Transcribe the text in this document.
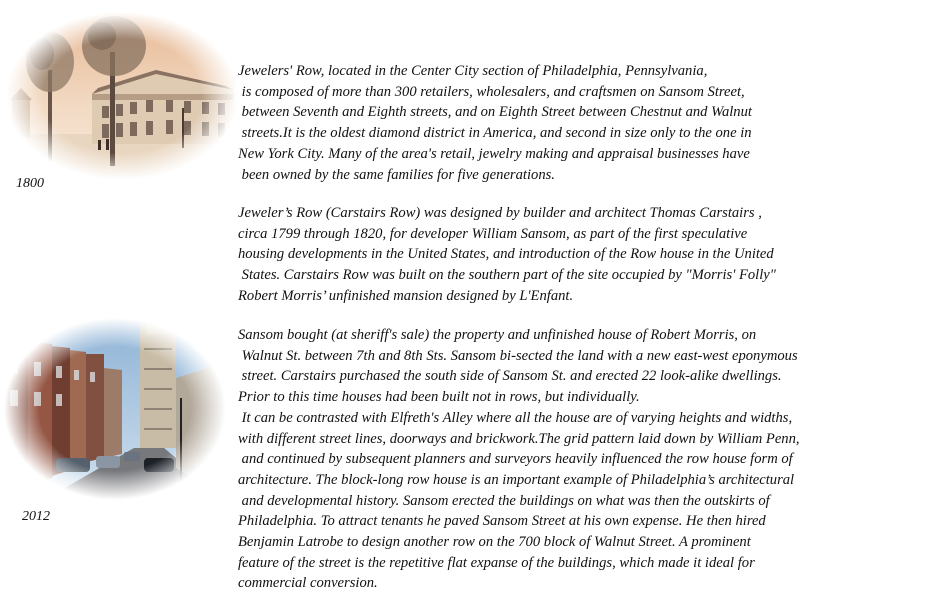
1800
2012
Jewelers' Row, located in the Center City section of Philadelphia, Pennsylvania,
is composed of more than 300 retailers, wholesalers, and craftsmen on Sansom Street,
between Seventh and Eighth streets, and on Eighth Street between Chestnut and Walnut
streets.It is the oldest diamond district in America, and second in size only to the one in
New York City. Many of the area's retail, jewelry making and appraisal businesses have
been owned by the same families for five generations.
Jeweler’s Row (Carstairs Row) was designed by builder and architect Thomas Carstairs ,
circa 1799 through 1820, for developer William Sansom, as part of the first speculative
housing developments in the United States, and introduction of the Row house in the United
States. Carstairs Row was built on the southern part of the site occupied by "Morris' Folly"
Robert Morris’ unfinished mansion designed by L'Enfant.
Sansom bought (at sheriff's sale) the property and unfinished house of Robert Morris, on
Walnut St. between 7th and 8th Sts. Sansom bi-sected the land with a new east-west eponymous
street. Carstairs purchased the south side of Sansom St. and erected 22 look-alike dwellings.
Prior to this time houses had been built not in rows, but individually.
It can be contrasted with Elfreth's Alley where all the house are of varying heights and widths,
with different street lines, doorways and brickwork.The grid pattern laid down by William Penn,
and continued by subsequent planners and surveyors heavily influenced the row house form of
architecture. The block-long row house is an important example of Philadelphia’s architectural
and developmental history. Sansom erected the buildings on what was then the outskirts of
Philadelphia. To attract tenants he paved Sansom Street at his own expense. He then hired
Benjamin Latrobe to design another row on the 700 block of Walnut Street. A prominent
feature of the street is the repetitive flat expanse of the buildings, which made it ideal for
commercial conversion.
